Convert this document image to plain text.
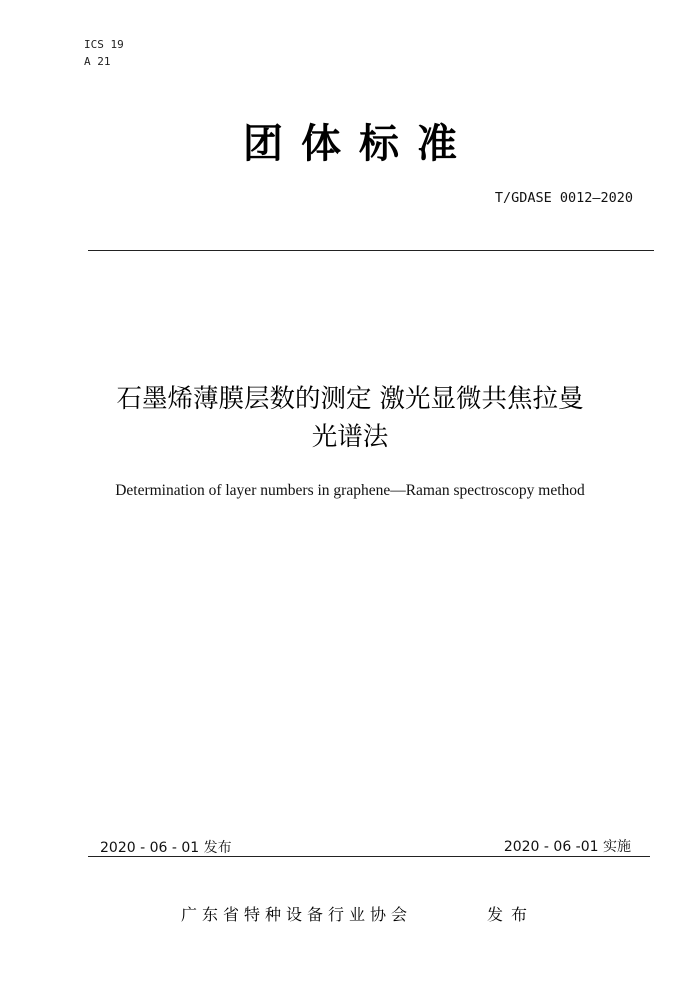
ICS 19
A 21
团体标准
T/GDASE 0012—2020
石墨烯薄膜层数的测定 激光显微共焦拉曼
光谱法
Determination of layer numbers in graphene—Raman spectroscopy method
2020 - 06 - 01 发布	2020 - 06 -01 实施
广东省特种设备行业协会	发布
